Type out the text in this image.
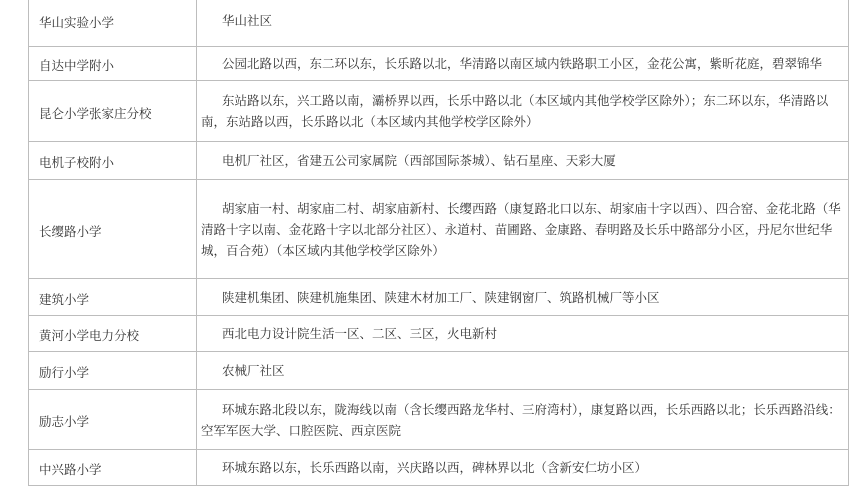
华山实验小学	华山社区

自达中学附小	公园北路以西，东二环以东，长乐路以北，华清路以南区域内铁路职工小区，金花公寓，紫昕花庭，碧翠锦华

昆仑小学张家庄分校	东站路以东，兴工路以南，灞桥界以西，长乐中路以北（本区域内其他学校学区除外）；东二环以东，华清路以南，东站路以西，长乐路以北（本区域内其他学校学区除外）

电机子校附小	电机厂社区，省建五公司家属院（西部国际茶城）、钻石星座、天彩大厦

长缨路小学	胡家庙一村、胡家庙二村、胡家庙新村、长缨西路（康复路北口以东、胡家庙十字以西）、四合窑、金花北路（华清路十字以南、金花路十字以北部分社区）、永道村、苗圃路、金康路、春明路及长乐中路部分小区，丹尼尔世纪华城，百合苑）（本区域内其他学校学区除外）

建筑小学	陕建机集团、陕建机施集团、陕建木材加工厂、陕建钢窗厂、筑路机械厂等小区

黄河小学电力分校	西北电力设计院生活一区、二区、三区，火电新村

励行小学	农械厂社区

励志小学	环城东路北段以东，陇海线以南（含长缨西路龙华村、三府湾村），康复路以西，长乐西路以北；长乐西路沿线：空军军医大学、口腔医院、西京医院

中兴路小学	环城东路以东，长乐西路以南，兴庆路以西，碑林界以北（含新安仁坊小区）
